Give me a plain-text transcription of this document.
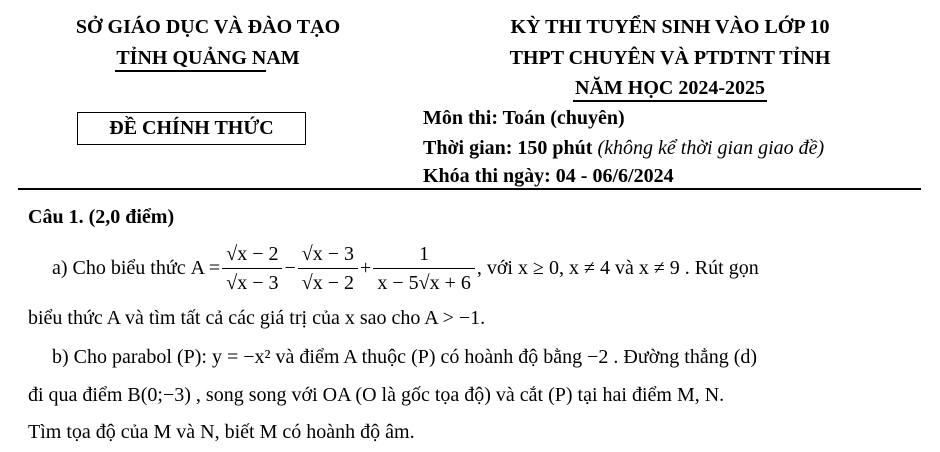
SỞ GIÁO DỤC VÀ ĐÀO TẠO
TỈNH QUẢNG NAM
KỲ THI TUYỂN SINH VÀO LỚP 10
THPT CHUYÊN VÀ PTDTNT TỈNH
NĂM HỌC 2024-2025
ĐỀ CHÍNH THỨC	Môn thi: Toán (chuyên)
Thời gian: 150 phút (không kể thời gian giao đề)
Khóa thi ngày: 04 - 06/6/2024
Câu 1. (2,0 điểm)
a) Cho biểu thức
$A = \frac{√x - 2}{√x - 3} - \frac{√x - 3}{√x - 2} + \frac{1}{x - 5√x + 6}$ , với x ≥ 0, x ≠ 4 và x ≠ 9 . Rút gọn
biểu thức A và tìm tất cả các giá trị của x sao cho A > −1.
b) Cho parabol (P): y = −x² và điểm A thuộc (P) có hoành độ bằng −2 . Đường thẳng (d)
đi qua điểm B(0;−3) , song song với OA (O là gốc tọa độ) và cắt (P) tại hai điểm M, N.
Tìm tọa độ của M và N, biết M có hoành độ âm.
